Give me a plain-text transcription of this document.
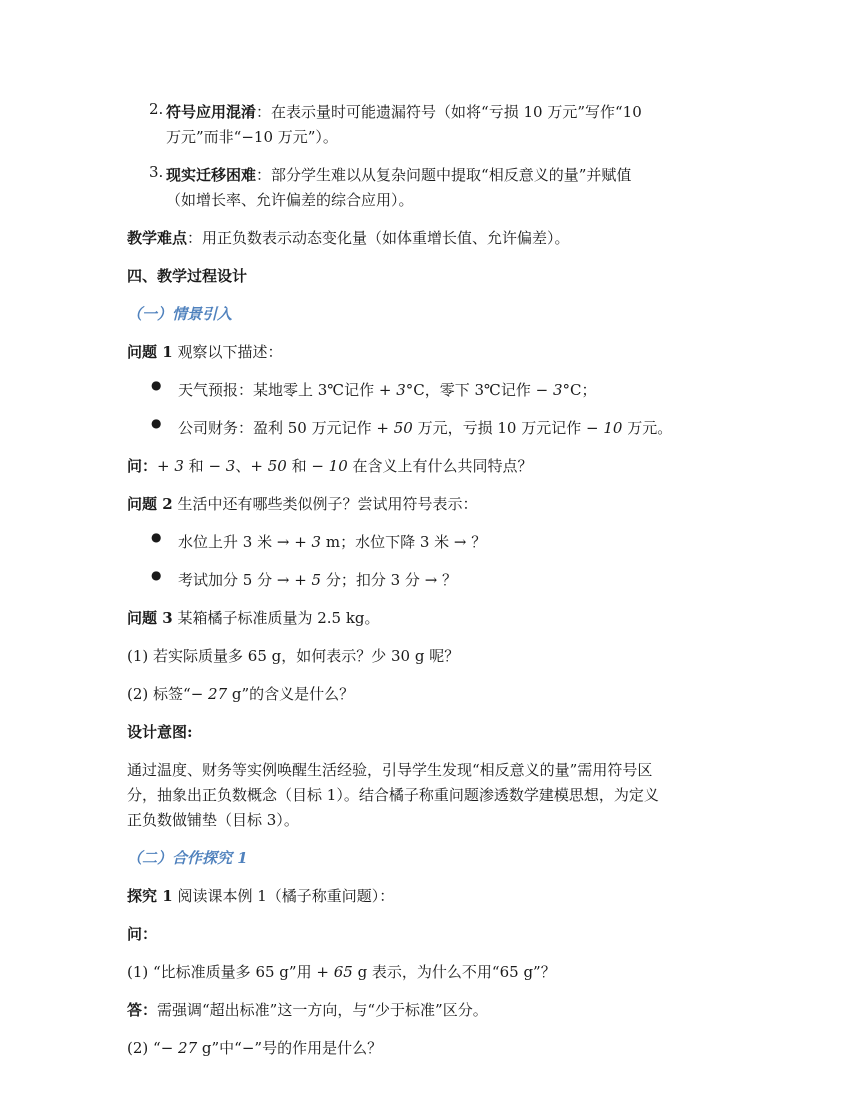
2. 符号应用混淆：在表示量时可能遗漏符号（如将“亏损 10 万元”写作“10
万元”而非“−10 万元”）。

3. 现实迁移困难：部分学生难以从复杂问题中提取“相反意义的量”并赋值
（如增长率、允许偏差的综合应用）。

教学难点：用正负数表示动态变化量（如体重增长值、允许偏差）。

四、教学过程设计

（一）情景引入

问题 1 观察以下描述：

● 天气预报：某地零上 3℃记作 + 3°C，零下 3℃记作 − 3°C；

● 公司财务：盈利 50 万元记作 + 50 万元，亏损 10 万元记作 − 10 万元。

问：+ 3 和 − 3、+ 50 和 − 10 在含义上有什么共同特点？

问题 2 生活中还有哪些类似例子？尝试用符号表示：

● 水位上升 3 米 → + 3 m；水位下降 3 米 → ？

● 考试加分 5 分 → + 5 分；扣分 3 分 → ？

问题 3 某箱橘子标准质量为 2.5 kg。

(1) 若实际质量多 65 g，如何表示？少 30 g 呢？

(2) 标签“− 27 g”的含义是什么？

设计意图:

通过温度、财务等实例唤醒生活经验，引导学生发现“相反意义的量”需用符号区
分，抽象出正负数概念（目标 1）。结合橘子称重问题渗透数学建模思想，为定义
正负数做铺垫（目标 3）。

（二）合作探究 1

探究 1 阅读课本例 1（橘子称重问题）：

问：

(1) “比标准质量多 65 g”用 + 65 g 表示，为什么不用“65 g”？

答：需强调“超出标准”这一方向，与“少于标准”区分。

(2) “− 27 g”中“−”号的作用是什么？
